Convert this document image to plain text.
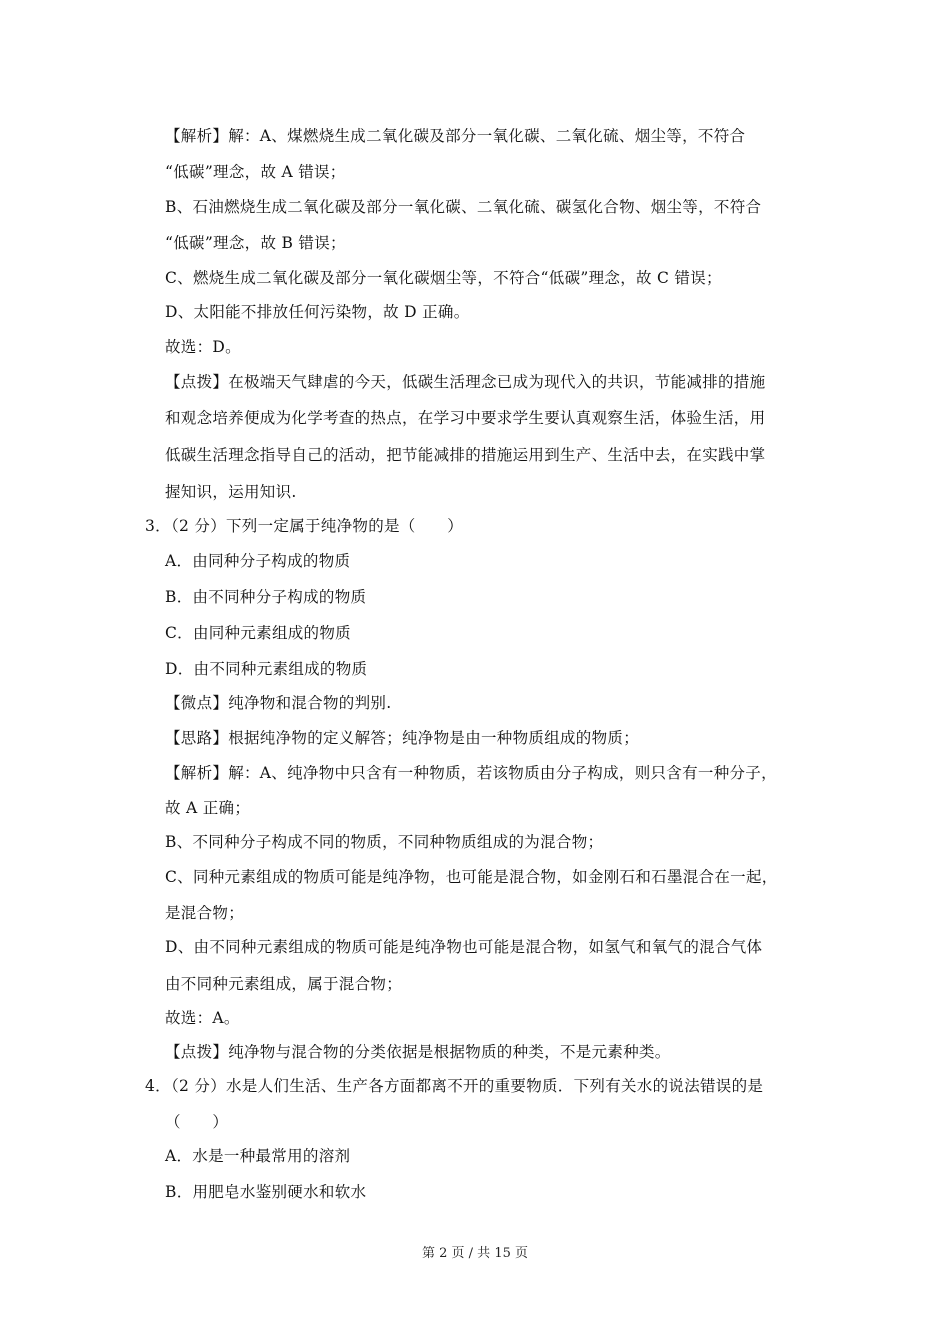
【解析】解：A、煤燃烧生成二氧化碳及部分一氧化碳、二氧化硫、烟尘等，不符合
“低碳”理念，故 A 错误；
B、石油燃烧生成二氧化碳及部分一氧化碳、二氧化硫、碳氢化合物、烟尘等，不符合
“低碳”理念，故 B 错误；
C、燃烧生成二氧化碳及部分一氧化碳烟尘等，不符合“低碳”理念，故 C 错误；
D、太阳能不排放任何污染物，故 D 正确。
故选：D。
【点拨】在极端天气肆虐的今天，低碳生活理念已成为现代入的共识，节能减排的措施
和观念培养便成为化学考查的热点，在学习中要求学生要认真观察生活，体验生活，用
低碳生活理念指导自己的活动，把节能减排的措施运用到生产、生活中去，在实践中掌
握知识，运用知识.
3．（2 分）下列一定属于纯净物的是（　　）
A．由同种分子构成的物质
B．由不同种分子构成的物质
C．由同种元素组成的物质
D．由不同种元素组成的物质
【微点】纯净物和混合物的判别.
【思路】根据纯净物的定义解答；纯净物是由一种物质组成的物质；
【解析】解：A、纯净物中只含有一种物质，若该物质由分子构成，则只含有一种分子，
故 A 正确；
B、不同种分子构成不同的物质，不同种物质组成的为混合物；
C、同种元素组成的物质可能是纯净物，也可能是混合物，如金刚石和石墨混合在一起，
是混合物；
D、由不同种元素组成的物质可能是纯净物也可能是混合物，如氢气和氧气的混合气体
由不同种元素组成，属于混合物；
故选：A。
【点拨】纯净物与混合物的分类依据是根据物质的种类，不是元素种类。
4．（2 分）水是人们生活、生产各方面都离不开的重要物质．下列有关水的说法错误的是
（　　）
A．水是一种最常用的溶剂
B．用肥皂水鉴别硬水和软水
第 2 页 / 共 15 页
